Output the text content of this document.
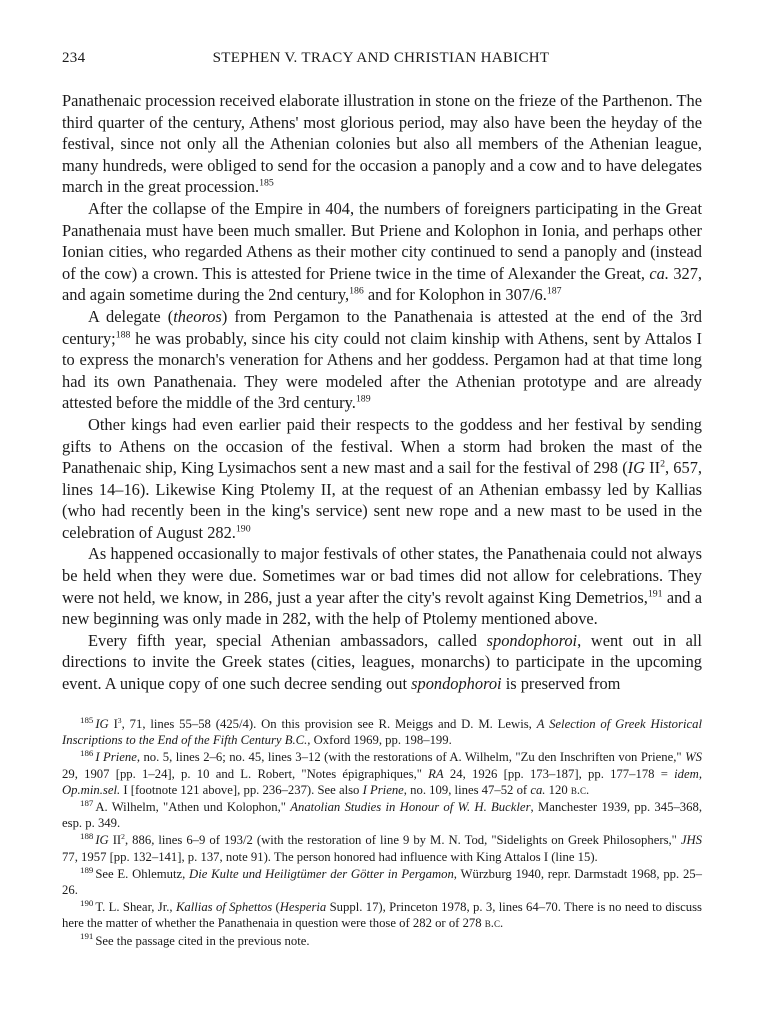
234	STEPHEN V. TRACY AND CHRISTIAN HABICHT

Panathenaic procession received elaborate illustration in stone on the frieze of the Parthenon. The third quarter of the century, Athens' most glorious period, may also have been the heyday of the festival, since not only all the Athenian colonies but also all members of the Athenian league, many hundreds, were obliged to send for the occasion a panoply and a cow and to have delegates march in the great procession.$^{185}$

After the collapse of the Empire in 404, the numbers of foreigners participating in the Great Panathenaia must have been much smaller. But Priene and Kolophon in Ionia, and perhaps other Ionian cities, who regarded Athens as their mother city continued to send a panoply and (instead of the cow) a crown. This is attested for Priene twice in the time of Alexander the Great, ca. 327, and again sometime during the 2nd century,$^{186}$ and for Kolophon in 307/6.$^{187}$

A delegate (theoros) from Pergamon to the Panathenaia is attested at the end of the 3rd century;$^{188}$ he was probably, since his city could not claim kinship with Athens, sent by Attalos I to express the monarch's veneration for Athens and her goddess. Pergamon had at that time long had its own Panathenaia. They were modeled after the Athenian prototype and are already attested before the middle of the 3rd century.$^{189}$

Other kings had even earlier paid their respects to the goddess and her festival by sending gifts to Athens on the occasion of the festival. When a storm had broken the mast of the Panathenaic ship, King Lysimachos sent a new mast and a sail for the festival of 298 (IG $II^2$, 657, lines 14–16). Likewise King Ptolemy II, at the request of an Athenian embassy led by Kallias (who had recently been in the king's service) sent new rope and a new mast to be used in the celebration of August 282.$^{190}$

As happened occasionally to major festivals of other states, the Panathenaia could not always be held when they were due. Sometimes war or bad times did not allow for celebrations. They were not held, we know, in 286, just a year after the city's revolt against King Demetrios,$^{191}$ and a new beginning was only made in 282, with the help of Ptolemy mentioned above.

Every fifth year, special Athenian ambassadors, called spondophoroi, went out in all directions to invite the Greek states (cities, leagues, monarchs) to participate in the upcoming event. A unique copy of one such decree sending out spondophoroi is preserved from

$^{185}$ IG $I^3$, 71, lines 55–58 (425/4). On this provision see R. Meiggs and D. M. Lewis, A Selection of Greek Historical Inscriptions to the End of the Fifth Century B.C., Oxford 1969, pp. 198–199.

$^{186}$ I Priene, no. 5, lines 2–6; no. 45, lines 3–12 (with the restorations of A. Wilhelm, "Zu den Inschriften von Priene," WS 29, 1907 [pp. 1–24], p. 10 and L. Robert, "Notes épigraphiques," RA 24, 1926 [pp. 173–187], pp. 177–178 = idem, Op.min.sel. I [footnote 121 above], pp. 236–237). See also I Priene, no. 109, lines 47–52 of ca. 120 b.c.

$^{187}$ A. Wilhelm, "Athen und Kolophon," Anatolian Studies in Honour of W. H. Buckler, Manchester 1939, pp. 345–368, esp. p. 349.

$^{188}$ IG $II^2$, 886, lines 6–9 of 193/2 (with the restoration of line 9 by M. N. Tod, "Sidelights on Greek Philosophers," JHS 77, 1957 [pp. 132–141], p. 137, note 91). The person honored had influence with King Attalos I (line 15).

$^{189}$ See E. Ohlemutz, Die Kulte und Heiligtümer der Götter in Pergamon, Würzburg 1940, repr. Darmstadt 1968, pp. 25–26.

$^{190}$ T. L. Shear, Jr., Kallias of Sphettos (Hesperia Suppl. 17), Princeton 1978, p. 3, lines 64–70. There is no need to discuss here the matter of whether the Panathenaia in question were those of 282 or of 278 b.c.

$^{191}$ See the passage cited in the previous note.
